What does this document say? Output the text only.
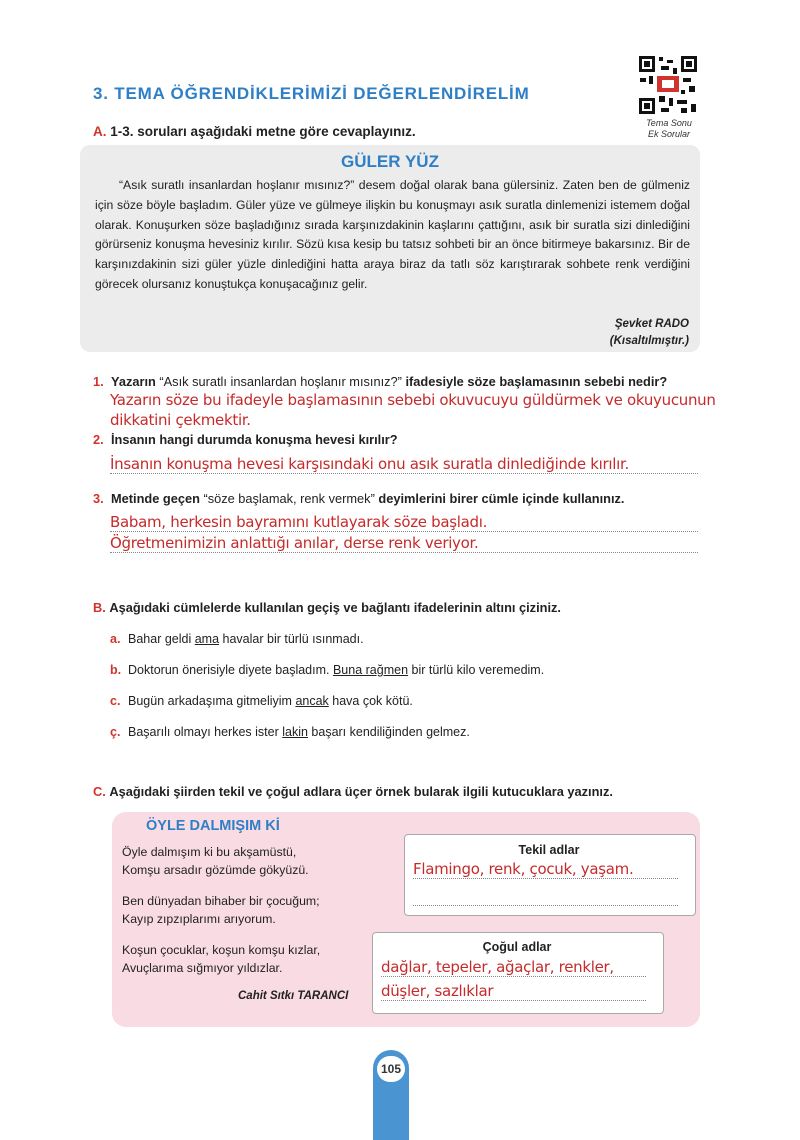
3. TEMA ÖĞRENDİKLERİMİZİ DEĞERLENDİRELİM
Tema Sonu
Ek Sorular
A. 1-3. soruları aşağıdaki metne göre cevaplayınız.
GÜLER YÜZ

“Asık suratlı insanlardan hoşlanır mısınız?” desem doğal olarak bana gülersiniz. Zaten ben de gülmeniz için söze böyle başladım. Güler yüze ve gülmeye ilişkin bu konuşmayı asık suratla dinlemenizi istemem doğal olarak. Konuşurken söze başladığınız sırada karşınızdakinin kaşlarını çattığını, asık bir suratla sizi dinlediğini görürseniz konuşma hevesiniz kırılır. Sözü kısa kesip bu tatsız sohbeti bir an önce bitirmeye bakarsınız. Bir de karşınızdakinin sizi güler yüzle dinlediğini hatta araya biraz da tatlı söz karıştırarak sohbete renk verdiğini görecek olursanız konuştukça konuşacağınız gelir.

Şevket RADO
(Kısaltılmıştır.)
1. Yazarın “Asık suratlı insanlardan hoşlanır mısınız?” ifadesiyle söze başlamasının sebebi nedir?
Yazarın söze bu ifadeyle başlamasının sebebi okuvucuyu güldürmek ve okuyucunun
dikkatini çekmektir.
2. İnsanın hangi durumda konuşma hevesi kırılır?
İnsanın konuşma hevesi karşısındaki onu asık suratla dinlediğinde kırılır.
3. Metinde geçen “söze başlamak, renk vermek” deyimlerini birer cümle içinde kullanınız.
Babam, herkesin bayramını kutlayarak söze başladı.
Öğretmenimizin anlattığı anılar, derse renk veriyor.
B. Aşağıdaki cümlelerde kullanılan geçiş ve bağlantı ifadelerinin altını çiziniz.
a. Bahar geldi ama havalar bir türlü ısınmadı.
b. Doktorun önerisiyle diyete başladım. Buna rağmen bir türlü kilo veremedim.
c. Bugün arkadaşıma gitmeliyim ancak hava çok kötü.
ç. Başarılı olmayı herkes ister lakin başarı kendiliğinden gelmez.
C. Aşağıdaki şiirden tekil ve çoğul adlara üçer örnek bularak ilgili kutucuklara yazınız.
ÖYLE DALMIŞIM Kİ

Öyle dalmışım ki bu akşamüstü,
Komşu arsadır gözümde gökyüzü.

Ben dünyadan bihaber bir çocuğum;
Kayıp zıpzıplarımı arıyorum.

Koşun çocuklar, koşun komşu kızlar,
Avuçlarıma sığmıyor yıldızlar.

Cahit Sıtkı TARANCI
Tekil adlar
Flamingo, renk, çocuk, yaşam.
Çoğul adlar
dağlar, tepeler, ağaçlar, renkler,
düşler, sazlıklar
105
